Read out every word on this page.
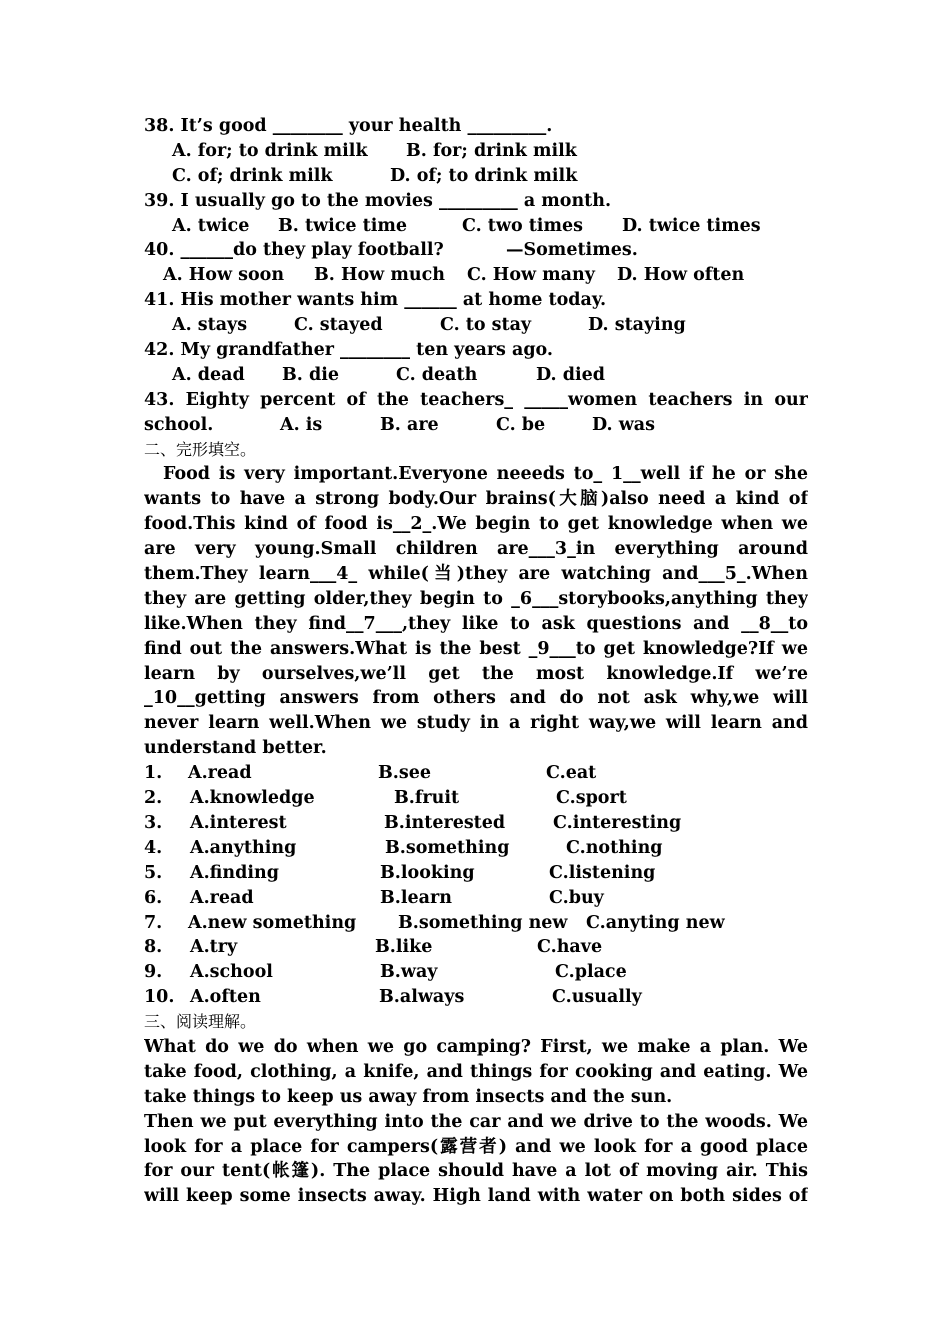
38. It’s good ________ your health _________.
A. for; to drink milk B. for; drink milk
C. of; drink milk	D. of; to drink milk
39. I usually go to the movies _________ a month.
A. twice B. twice time	C. two times D. twice times
40. ______do they play football?	—Sometimes.
A. How soon B. How much C. How many D. How often
41. His mother wants him ______ at home today.
A. stays	C. stayed	C. to stay	D. staying
42. My grandfather ________ ten years ago.
A. dead B. die	C. death	D. died
43. Eighty percent of the teachers_ _____women teachers in our
school.	A. is	B. are	C. be	D. was
二、完形填空。
Food is very important.Everyone neeeds to_ 1__well if he or she
wants to have a strong body.Our brains(大脑)also need a kind of
food.This kind of food is__2_.We begin to get knowledge when we
are very young.Small children are___3_in everything around
them.They learn___4_ while(当)they are watching and___5_.When
they are getting older,they begin to _6___storybooks,anything they
like.When they find__7___,they like to ask questions and __8__to
find out the answers.What is the best _9___to get knowledge?If we
learn by ourselves,we’ll get the most knowledge.If we’re
_10__getting answers from others and do not ask why,we will
never learn well.When we study in a right way,we will learn and
understand better.
1. A.read	B.see	C.eat
2. A.knowledge	B.fruit	C.sport
3. A.interest	B.interested	C.interesting
4. A.anything	B.something	C.nothing
5. A.finding	B.looking	C.listening
6. A.read	B.learn	C.buy
7. A.new something B.something new C.anyting new
8. A.try	B.like	C.have
9. A.school	B.way	C.place
10. A.often	B.always	C.usually
三、阅读理解。
What do we do when we go camping? First, we make a plan. We
take food, clothing, a knife, and things for cooking and eating. We
take things to keep us away from insects and the sun.
Then we put everything into the car and we drive to the woods. We
look for a place for campers(露营者) and we look for a good place
for our tent(帐篷). The place should have a lot of moving air. This
will keep some insects away. High land with water on both sides of
